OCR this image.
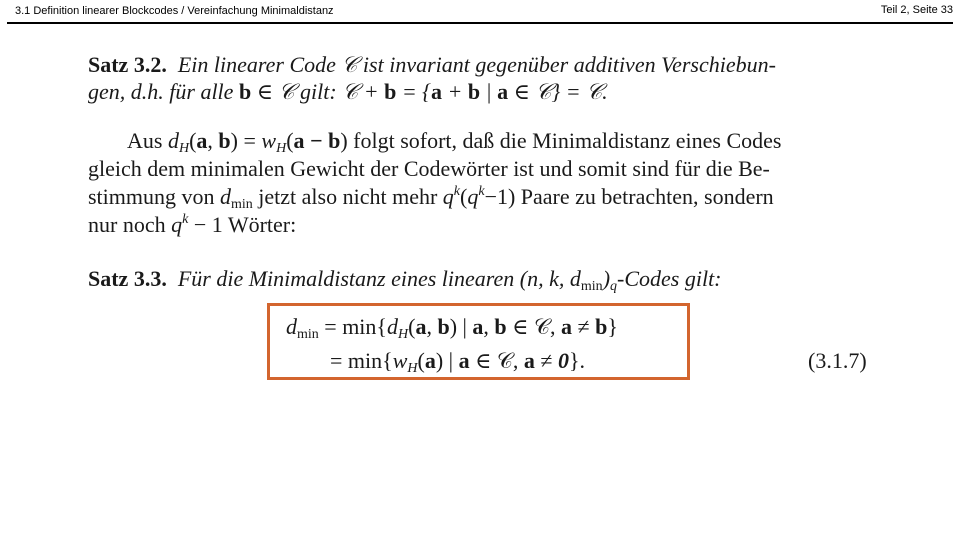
3.1 Definition linearer Blockcodes / Vereinfachung Minimaldistanz	Teil 2, Seite 33
Satz 3.2.  Ein linearer Code 𝒞 ist invariant gegenüber additiven Verschiebun-
gen, d.h. für alle b ∈ 𝒞 gilt: 𝒞 + b = {a + b | a ∈ 𝒞} = 𝒞.
Aus $d_H(a$, $b) = w_H(a - b)$ folgt sofort, daß die Minimaldistanz eines Codes
gleich dem minimalen Gewicht der Codewörter ist und somit sind für die Be-
stimmung von $d_{min}$ jetzt also nicht mehr $q^k(q^k-1)$ Paare zu betrachten, sondern
nur noch $q^k - 1$ Wörter:
Satz 3.3.  Für die Minimaldistanz eines linearen (n, k, $d_{min})_q$-Codes gilt:
$d_{min} = \min\{d_H(a$, b) | a, b ∈ 𝒞, a ≠ b}
= $\min\{w_H(a)$ | a ∈ 𝒞, a ≠ 0}.	(3.1.7)
